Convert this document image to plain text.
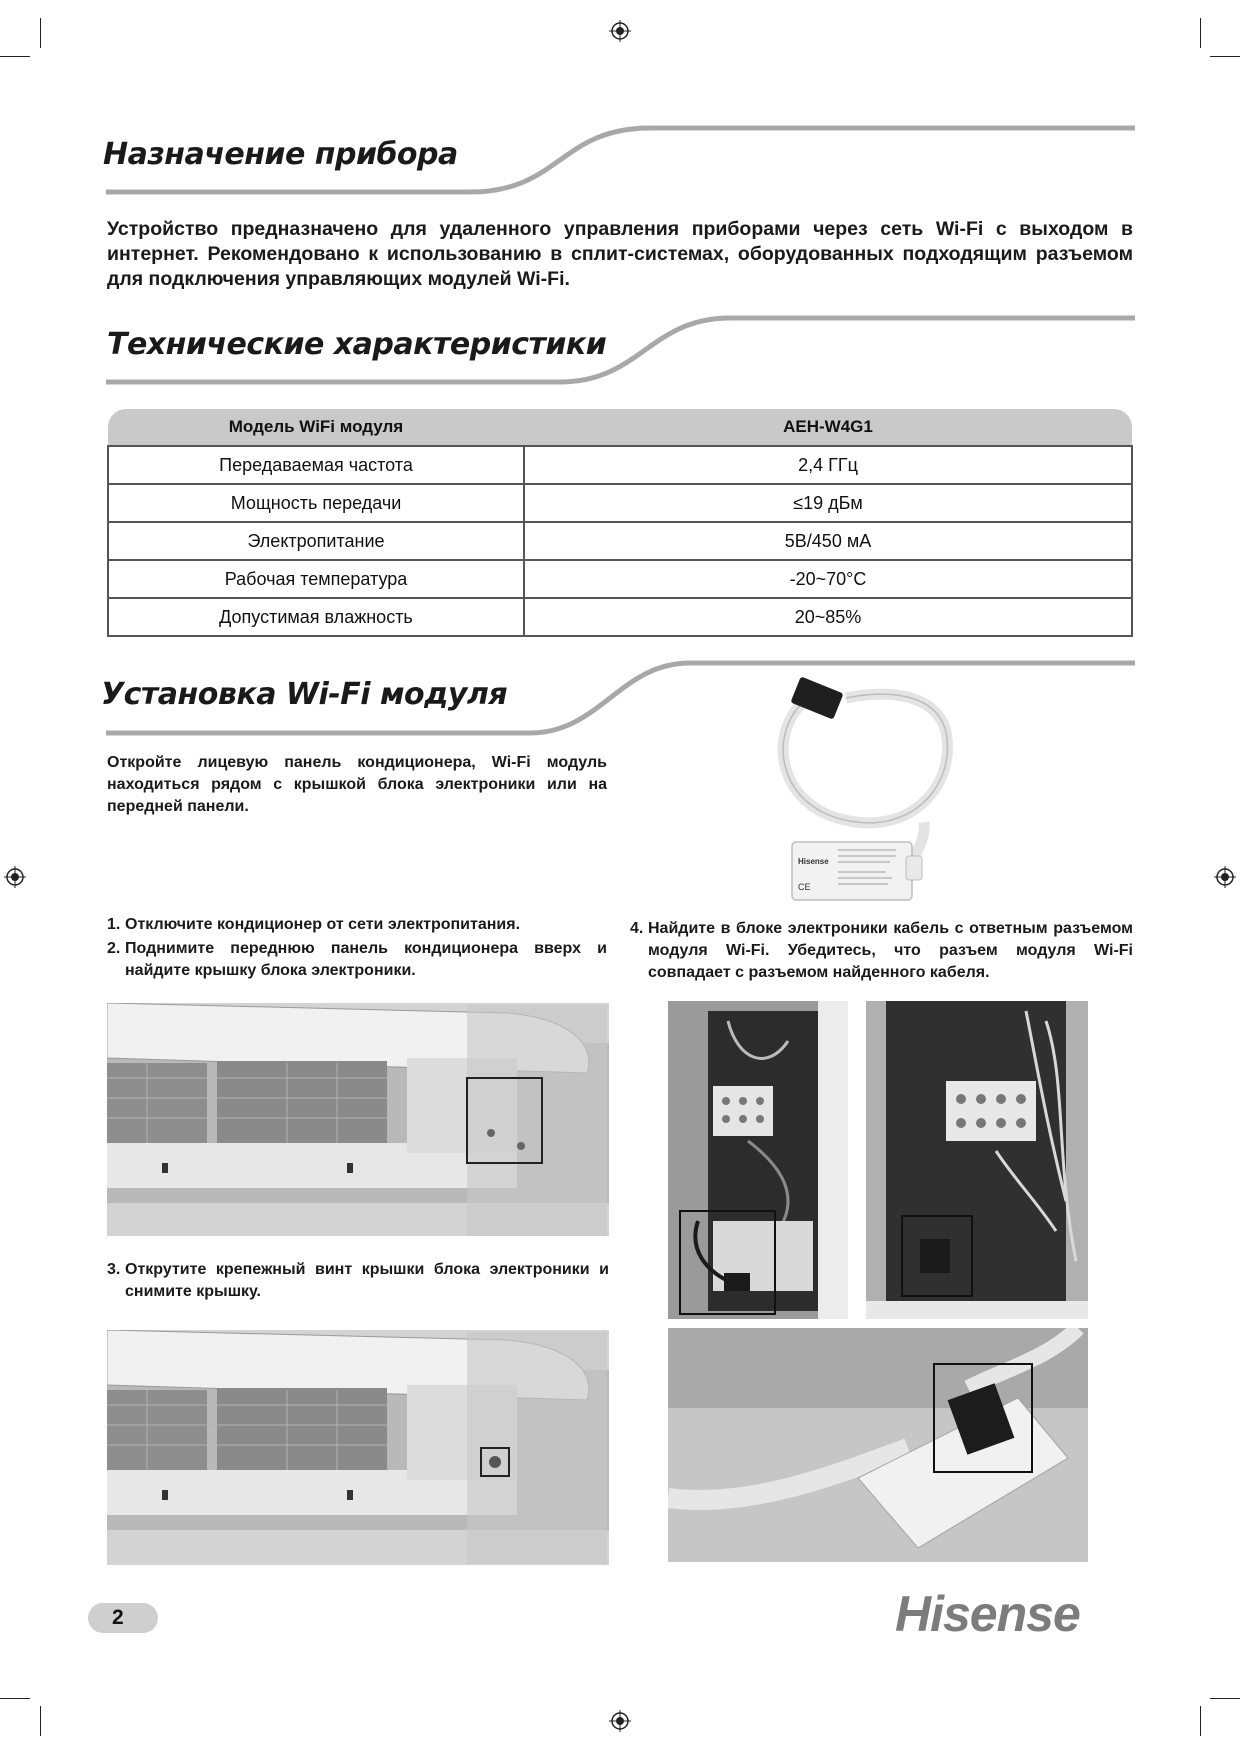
Назначение прибора
Устройство предназначено для удаленного управления приборами через сеть Wi-Fi с выходом в интернет. Рекомендовано к использованию в сплит-системах, оборудованных подходящим разъемом для подключения управляющих модулей Wi-Fi.
Технические характеристики
Модель WiFi модуля	AEH-W4G1
Передаваемая частота	2,4 ГГц
Мощность передачи	≤19 дБм
Электропитание	5В/450 мА
Рабочая температура	-20~70°C
Допустимая влажность	20~85%
Установка Wi-Fi модуля
Откройте лицевую панель кондиционера, Wi-Fi модуль находиться рядом с крышкой блока электроники или на передней панели.
Hisense
CE
1. Отключите кондиционер от сети электропитания.
2. Поднимите переднюю панель кондиционера вверх и найдите крышку блока электроники.
4. Найдите в блоке электроники кабель с ответным разъемом модуля Wi-Fi. Убедитесь, что разъем модуля Wi-Fi совпадает с разъемом найденного кабеля.
3. Открутите крепежный винт крышки блока электроники и снимите крышку.
2	Hisense
